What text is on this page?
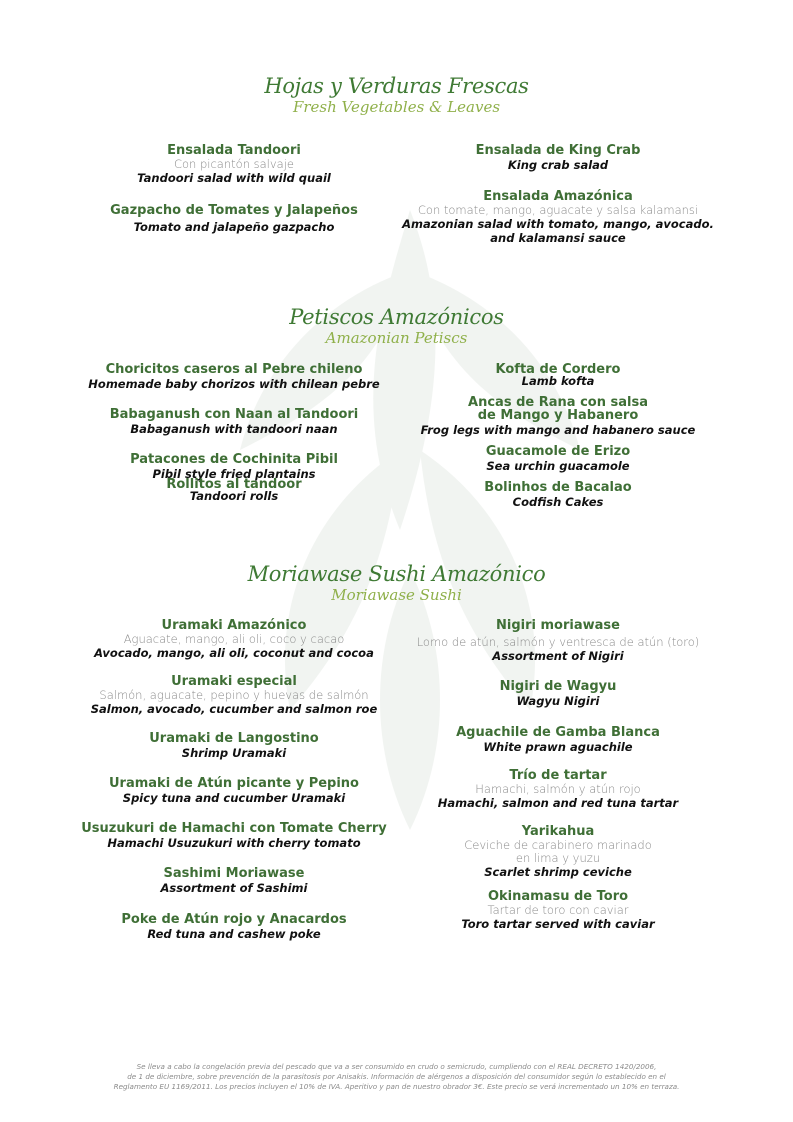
Hojas y Verduras Frescas
Fresh Vegetables & Leaves
Ensalada Tandoori
Con picantón salvaje
Tandoori salad with wild quail
Gazpacho de Tomates y Jalapeños
Tomato and jalapeño gazpacho
Ensalada de King Crab
King crab salad
Ensalada Amazónica
Con tomate, mango, aguacate y salsa kalamansi
Amazonian salad with tomato, mango, avocado.
and kalamansi sauce
Petiscos Amazónicos
Amazonian Petiscs
Choricitos caseros al Pebre chileno
Homemade baby chorizos with chilean pebre
Babaganush con Naan al Tandoori
Babaganush with tandoori naan
Patacones de Cochinita Pibil
Pibil style fried plantains
Rollitos al tandoor
Tandoori rolls
Kofta de Cordero
Lamb kofta
Ancas de Rana con salsa
de Mango y Habanero
Frog legs with mango and habanero sauce
Guacamole de Erizo
Sea urchin guacamole
Bolinhos de Bacalao
Codfish Cakes
Moriawase Sushi Amazónico
Moriawase Sushi
Uramaki Amazónico
Aguacate, mango, ali oli, coco y cacao
Avocado, mango, ali oli, coconut and cocoa
Uramaki especial
Salmón, aguacate, pepino y huevas de salmón
Salmon, avocado, cucumber and salmon roe
Uramaki de Langostino
Shrimp Uramaki
Uramaki de Atún picante y Pepino
Spicy tuna and cucumber Uramaki
Usuzukuri de Hamachi con Tomate Cherry
Hamachi Usuzukuri with cherry tomato
Sashimi Moriawase
Assortment of Sashimi
Poke de Atún rojo y Anacardos
Red tuna and cashew poke
Nigiri moriawase
Lomo de atún, salmón y ventresca de atún (toro)
Assortment of Nigiri
Nigiri de Wagyu
Wagyu Nigiri
Aguachile de Gamba Blanca
White prawn aguachile
Trío de tartar
Hamachi, salmón y atún rojo
Hamachi, salmon and red tuna tartar
Yarikahua
Ceviche de carabinero marinado
en lima y yuzu
Scarlet shrimp ceviche
Okinamasu de Toro
Tartar de toro con caviar
Toro tartar served with caviar
Se lleva a cabo la congelación previa del pescado que va a ser consumido en crudo o semicrudo, cumpliendo con el REAL DECRETO 1420/2006,
de 1 de diciembre, sobre prevención de la parasitosis por Anisakis. Información de alérgenos a disposición del consumidor según lo establecido en el
Reglamento EU 1169/2011. Los precios incluyen el 10% de IVA. Aperitivo y pan de nuestro obrador 3€. Este precio se verá incrementado un 10% en terraza.
